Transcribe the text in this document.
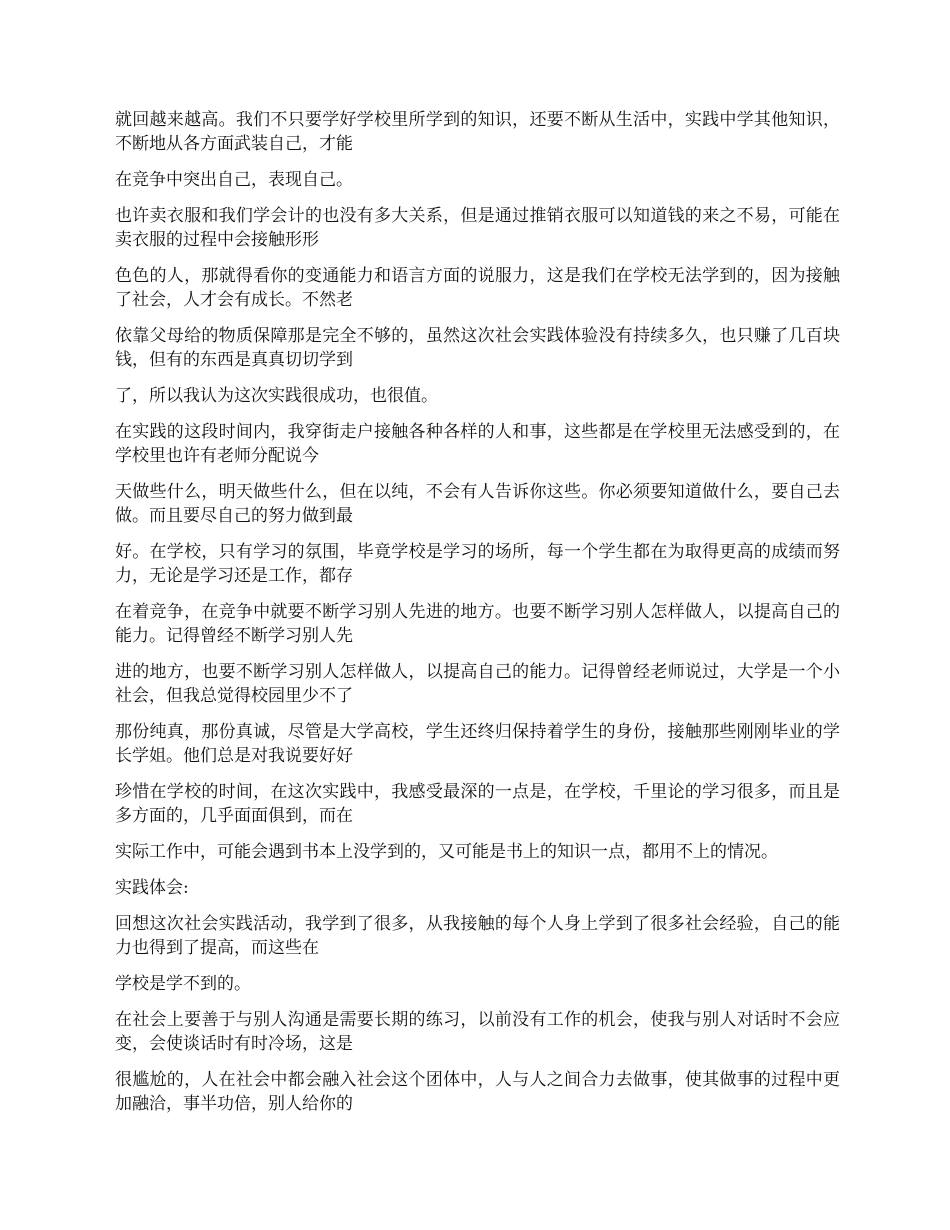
就回越来越高。我们不只要学好学校里所学到的知识，还要不断从生活中，实践中学其他知识，不断地从各方面武装自己，才能

在竞争中突出自己，表现自己。

也许卖衣服和我们学会计的也没有多大关系，但是通过推销衣服可以知道钱的来之不易，可能在卖衣服的过程中会接触形形

色色的人，那就得看你的变通能力和语言方面的说服力，这是我们在学校无法学到的，因为接触了社会，人才会有成长。不然老

依靠父母给的物质保障那是完全不够的，虽然这次社会实践体验没有持续多久，也只赚了几百块钱，但有的东西是真真切切学到

了，所以我认为这次实践很成功，也很值。

在实践的这段时间内，我穿街走户接触各种各样的人和事，这些都是在学校里无法感受到的，在学校里也许有老师分配说今

天做些什么，明天做些什么，但在以纯，不会有人告诉你这些。你必须要知道做什么，要自己去做。而且要尽自己的努力做到最

好。在学校，只有学习的氛围，毕竟学校是学习的场所，每一个学生都在为取得更高的成绩而努力，无论是学习还是工作，都存

在着竞争，在竞争中就要不断学习别人先进的地方。也要不断学习别人怎样做人，以提高自己的能力。记得曾经不断学习别人先

进的地方，也要不断学习别人怎样做人，以提高自己的能力。记得曾经老师说过，大学是一个小社会，但我总觉得校园里少不了

那份纯真，那份真诚，尽管是大学高校，学生还终归保持着学生的身份，接触那些刚刚毕业的学长学姐。他们总是对我说要好好

珍惜在学校的时间，在这次实践中，我感受最深的一点是，在学校，千里论的学习很多，而且是多方面的，几乎面面俱到，而在

实际工作中，可能会遇到书本上没学到的，又可能是书上的知识一点，都用不上的情况。

实践体会:

回想这次社会实践活动，我学到了很多，从我接触的每个人身上学到了很多社会经验，自己的能力也得到了提高，而这些在

学校是学不到的。

在社会上要善于与别人沟通是需要长期的练习，以前没有工作的机会，使我与别人对话时不会应变，会使谈话时有时冷场，这是

很尴尬的，人在社会中都会融入社会这个团体中，人与人之间合力去做事，使其做事的过程中更加融洽，事半功倍，别人给你的
